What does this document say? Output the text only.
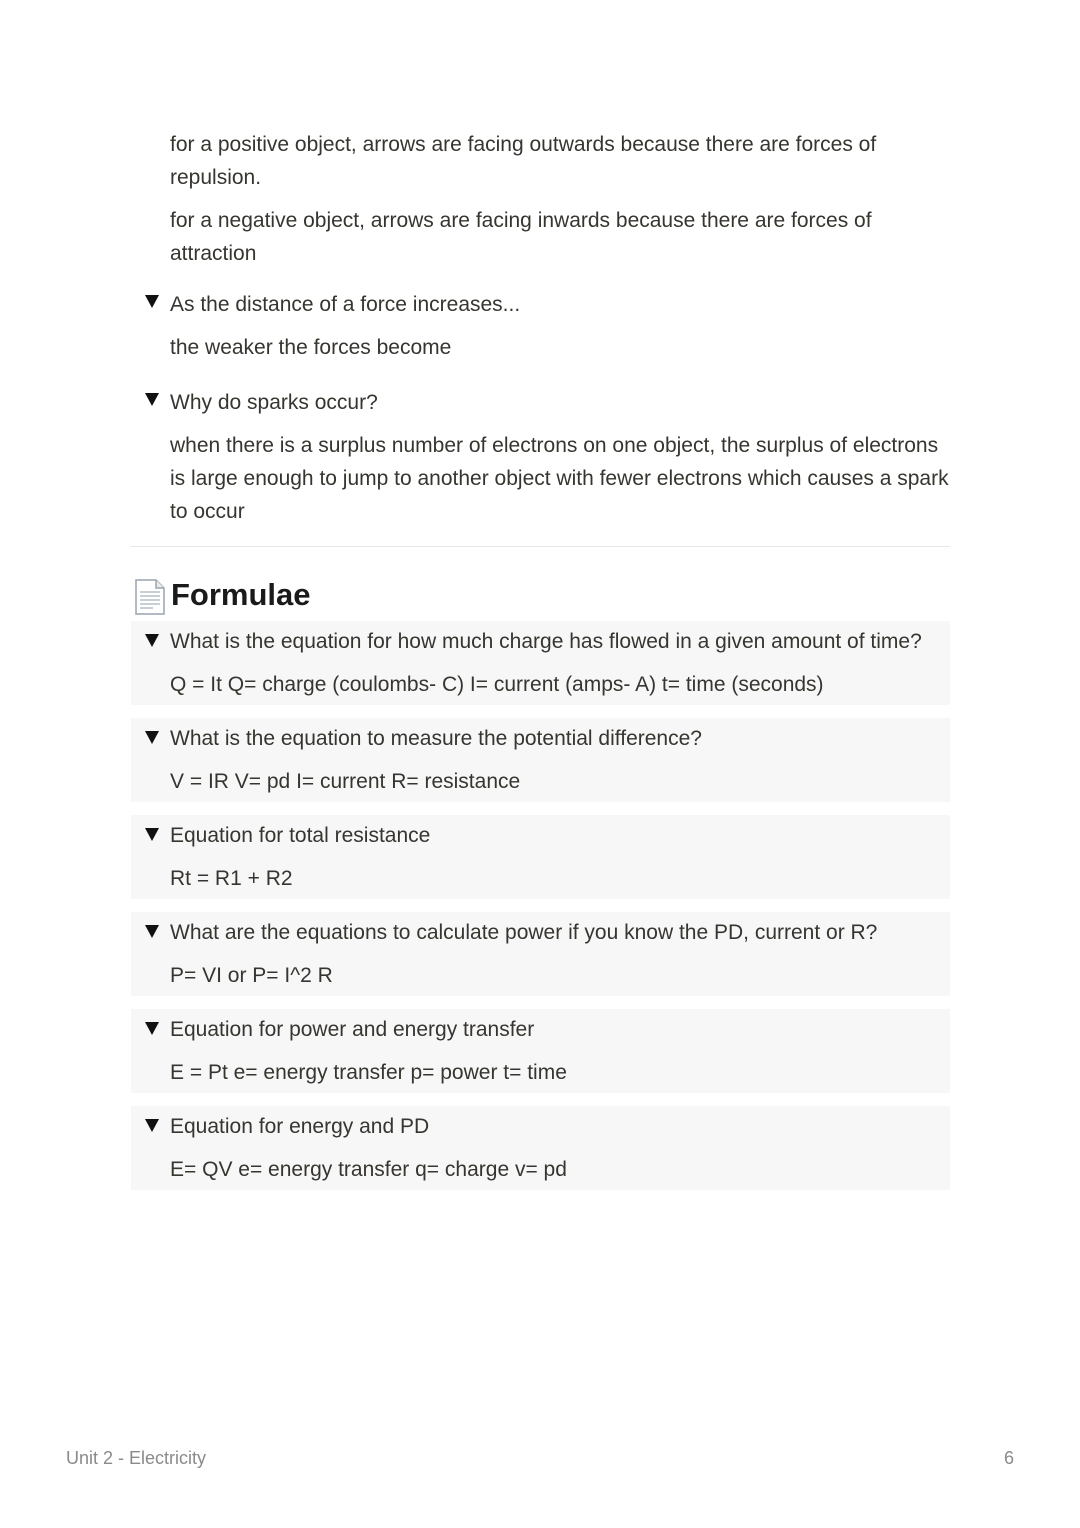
for a positive object, arrows are facing outwards because there are forces of repulsion.

for a negative object, arrows are facing inwards because there are forces of attraction

As the distance of a force increases...
the weaker the forces become
Why do sparks occur?
when there is a surplus number of electrons on one object, the surplus of electrons is large enough to jump to another object with fewer electrons which causes a spark to occur
Formulae
What is the equation for how much charge has flowed in a given amount of time?
Q = It Q= charge (coulombs- C) I= current (amps- A) t= time (seconds)
What is the equation to measure the potential difference?
V = IR V= pd I= current R= resistance
Equation for total resistance
Rt = R1 + R2
What are the equations to calculate power if you know the PD, current or R?
P= VI or P= I^2 R
Equation for power and energy transfer
E = Pt e= energy transfer p= power t= time
Equation for energy and PD
E= QV e= energy transfer q= charge v= pd
Unit 2 - Electricity	6
